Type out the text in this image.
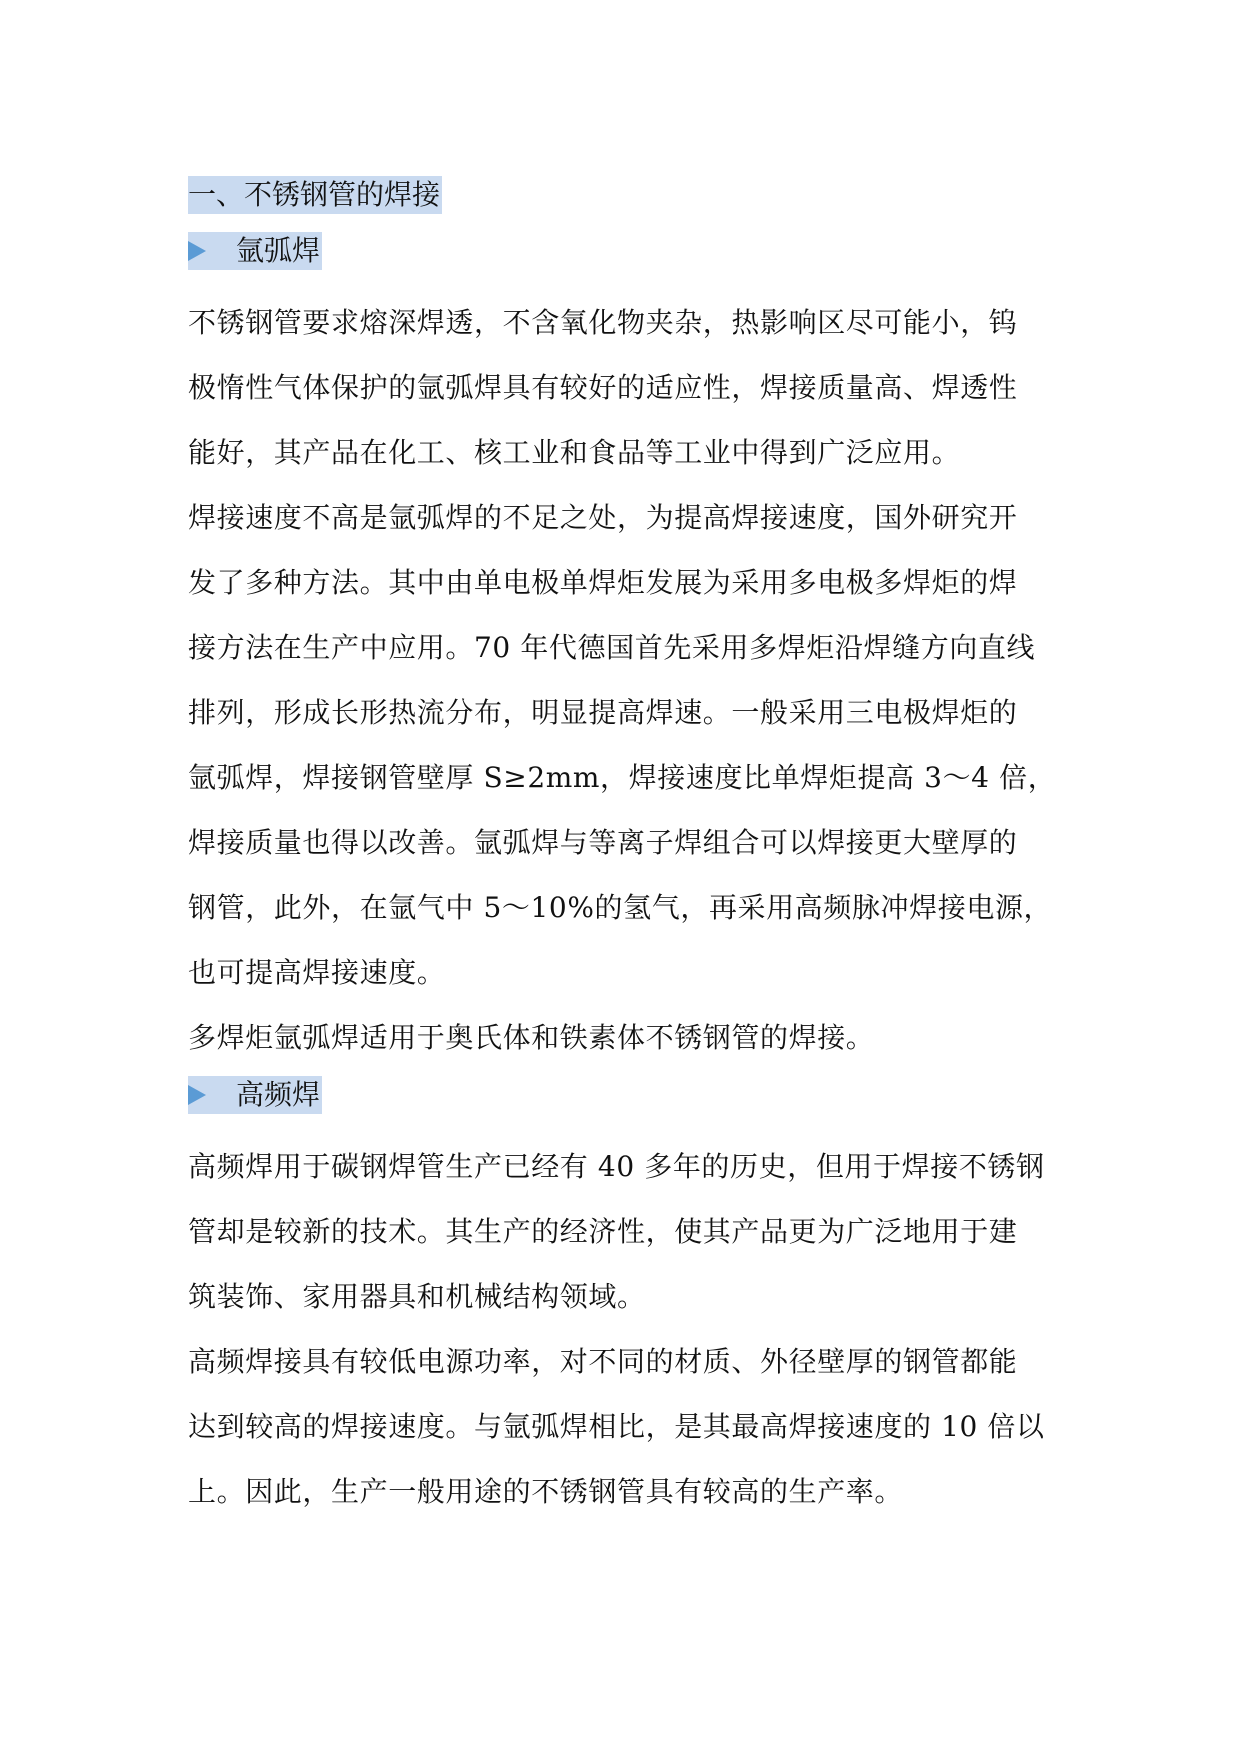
一、不锈钢管的焊接
氩弧焊
不锈钢管要求熔深焊透，不含氧化物夹杂，热影响区尽可能小，钨
极惰性气体保护的氩弧焊具有较好的适应性，焊接质量高、焊透性
能好，其产品在化工、核工业和食品等工业中得到广泛应用。
焊接速度不高是氩弧焊的不足之处，为提高焊接速度，国外研究开
发了多种方法。其中由单电极单焊炬发展为采用多电极多焊炬的焊
接方法在生产中应用。70 年代德国首先采用多焊炬沿焊缝方向直线
排列，形成长形热流分布，明显提高焊速。一般采用三电极焊炬的
氩弧焊，焊接钢管壁厚 S≥2mm，焊接速度比单焊炬提高 3～4 倍，
焊接质量也得以改善。氩弧焊与等离子焊组合可以焊接更大壁厚的
钢管，此外，在氩气中 5～10%的氢气，再采用高频脉冲焊接电源，
也可提高焊接速度。
多焊炬氩弧焊适用于奥氏体和铁素体不锈钢管的焊接。
高频焊
高频焊用于碳钢焊管生产已经有 40 多年的历史，但用于焊接不锈钢
管却是较新的技术。其生产的经济性，使其产品更为广泛地用于建
筑装饰、家用器具和机械结构领域。
高频焊接具有较低电源功率，对不同的材质、外径壁厚的钢管都能
达到较高的焊接速度。与氩弧焊相比，是其最高焊接速度的 10 倍以
上。因此，生产一般用途的不锈钢管具有较高的生产率。
